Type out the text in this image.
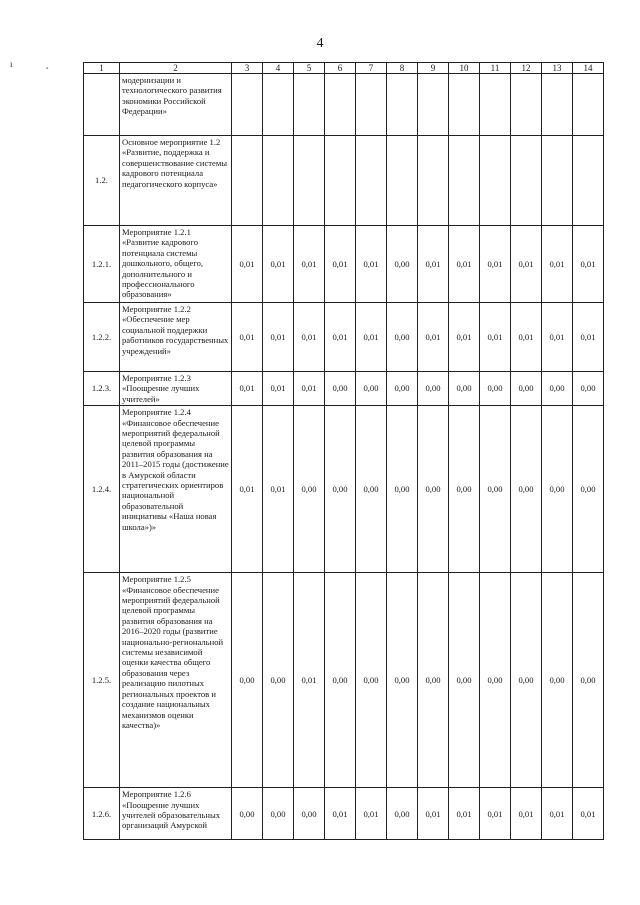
4
ı	˛	1	2	3	4	5	6	7	8	9	10	11	12	13	14
	модернизации и технологического развития экономики Российской Федерации»												
1.2.	Основное мероприятие 1.2 «Развитие, поддержка и совершенствование системы кадрового потенциала педагогического корпуса»												
1.2.1.	Мероприятие 1.2.1 «Развитие кадрового потенциала системы дошкольного, общего, дополнительного и профессионального образования»	0,01	0,01	0,01	0,01	0,01	0,00	0,01	0,01	0,01	0,01	0,01	0,01
1.2.2.	Мероприятие 1.2.2 «Обеспечение мер социальной поддержки работников государственных учреждений»	0,01	0,01	0,01	0,01	0,01	0,00	0,01	0,01	0,01	0,01	0,01	0,01
1.2.3.	Мероприятие 1.2.3 «Поощрение лучших учителей»	0,01	0,01	0,01	0,00	0,00	0,00	0,00	0,00	0,00	0,00	0,00	0,00
1.2.4.	Мероприятие 1.2.4 «Финансовое обеспечение мероприятий федеральной целевой программы развития образования на 2011–2015 годы (достижение в Амурской области стратегических ориентиров национальной образовательной инициативы «Наша новая школа»)»	0,01	0,01	0,00	0,00	0,00	0,00	0,00	0,00	0,00	0,00	0,00	0,00
1.2.5.	Мероприятие 1.2.5 «Финансовое обеспечение мероприятий федеральной целевой программы развития образования на 2016–2020 годы (развитие национально-региональной системы независимой оценки качества общего образования через реализацию пилотных региональных проектов и создание национальных механизмов оценки качества)»	0,00	0,00	0,01	0,00	0,00	0,00	0,00	0,00	0,00	0,00	0,00	0,00
1.2.6.	Мероприятие 1.2.6 «Поощрение лучших учителей образовательных организаций Амурской	0,00	0,00	0,00	0,01	0,01	0,00	0,01	0,01	0,01	0,01	0,01	0,01
